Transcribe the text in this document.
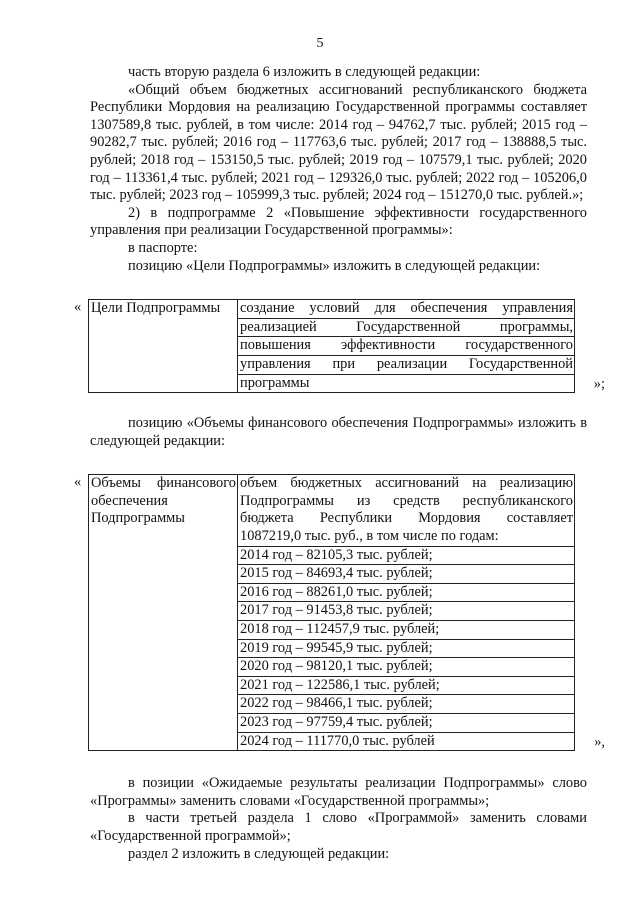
5

часть вторую раздела 6 изложить в следующей редакции:

«Общий объем бюджетных ассигнований республиканского бюджета Республики Мордовия на реализацию Государственной программы составляет 1307589,8 тыс. рублей, в том числе: 2014 год – 94762,7 тыс. рублей; 2015 год – 90282,7 тыс. рублей; 2016 год – 117763,6 тыс. рублей; 2017 год – 138888,5 тыс. рублей; 2018 год – 153150,5 тыс. рублей; 2019 год – 107579,1 тыс. рублей; 2020 год – 113361,4 тыс. рублей; 2021 год – 129326,0 тыс. рублей; 2022 год – 105206,0 тыс. рублей; 2023 год – 105999,3 тыс. рублей; 2024 год – 151270,0 тыс. рублей.»;

2) в подпрограмме 2 «Повышение эффективности государственного управления при реализации Государственной программы»:

в паспорте:

позицию «Цели Подпрограммы» изложить в следующей редакции:

« Цели Подпрограммы	создание условий для обеспечения управления
реализацией Государственной программы,
повышения эффективности государственного
управления при реализации Государственной
программы	»;

позицию «Объемы финансового обеспечения Подпрограммы» изложить в следующей редакции:

« Объемы финансового
обеспечения
Подпрограммы

объем бюджетных ассигнований на реализацию
Подпрограммы из средств республиканского
бюджета Республики Мордовия составляет
1087219,0 тыс. руб., в том числе по годам:
2014 год – 82105,3 тыс. рублей;
2015 год – 84693,4 тыс. рублей;
2016 год – 88261,0 тыс. рублей;
2017 год – 91453,8 тыс. рублей;
2018 год – 112457,9 тыс. рублей;
2019 год – 99545,9 тыс. рублей;
2020 год – 98120,1 тыс. рублей;
2021 год – 122586,1 тыс. рублей;
2022 год – 98466,1 тыс. рублей;
2023 год – 97759,4 тыс. рублей;
2024 год – 111770,0 тыс. рублей	»,

в позиции «Ожидаемые результаты реализации Подпрограммы» слово «Программы» заменить словами «Государственной программы»;

в части третьей раздела 1 слово «Программой» заменить словами «Государственной программой»;

раздел 2 изложить в следующей редакции:
